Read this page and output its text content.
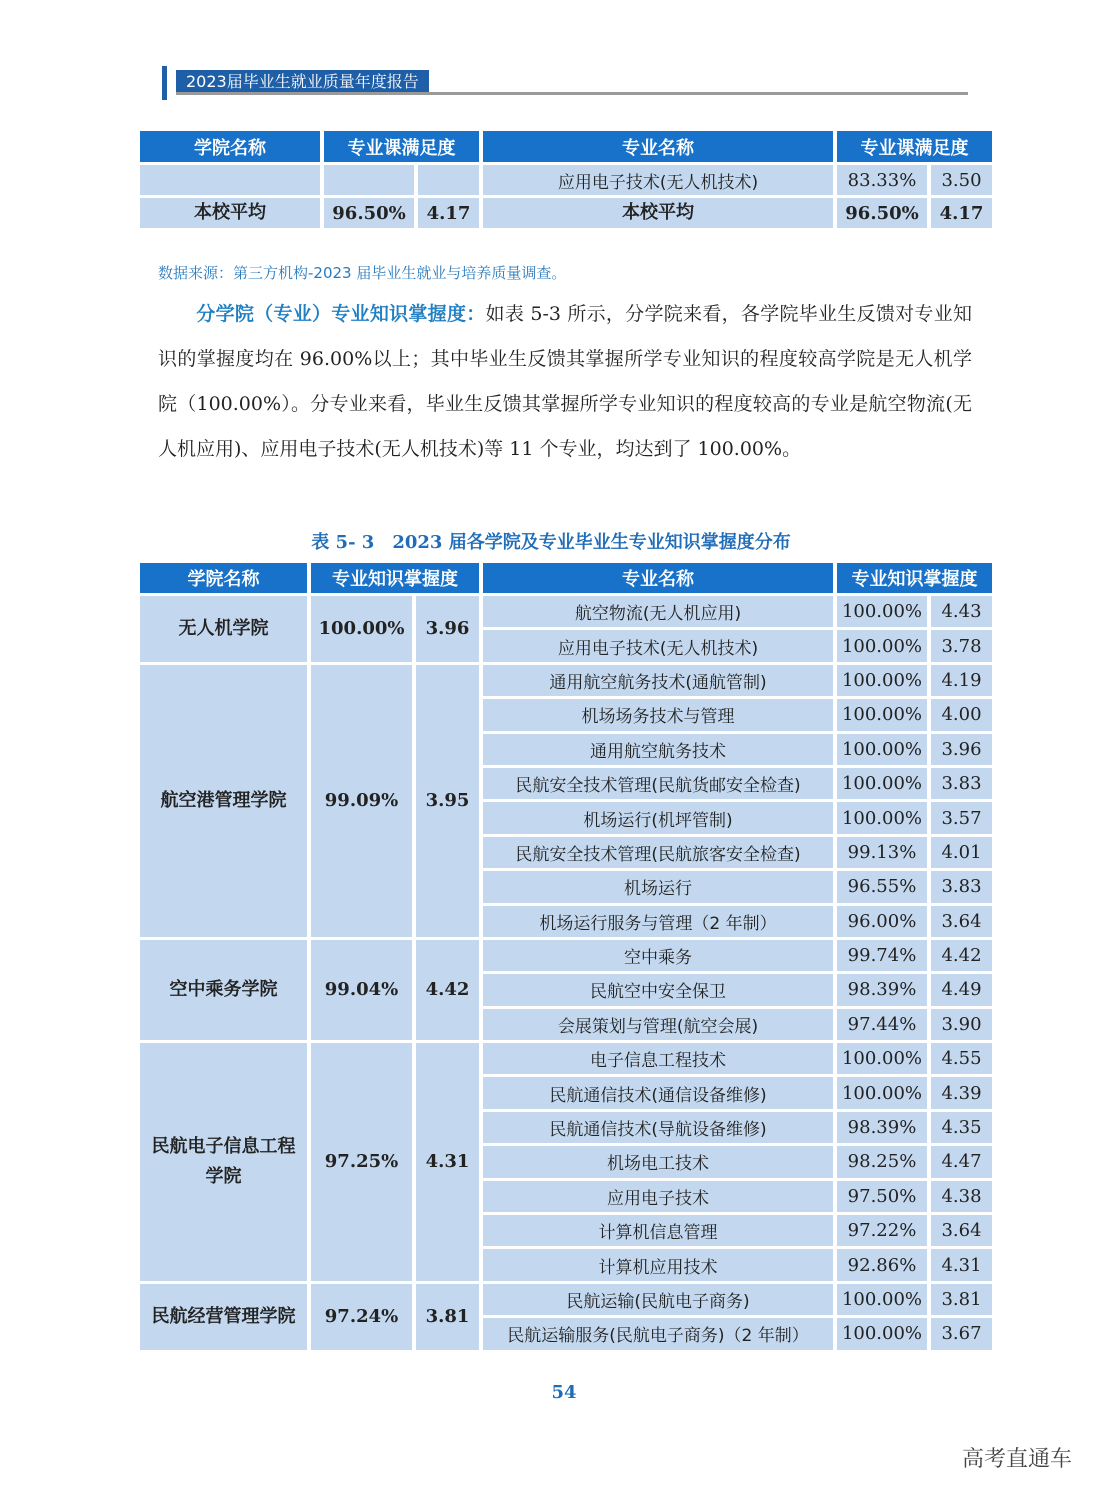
2023届毕业生就业质量年度报告
学院名称	专业课满足度		专业名称	专业课满足度	
			应用电子技术(无人机技术)	83.33%	3.50
本校平均	96.50%	4.17	本校平均	96.50%	4.17
数据来源：第三方机构-2023 届毕业生就业与培养质量调查。
分学院（专业）专业知识掌握度：如表 5-3 所示，分学院来看，各学院毕业生反馈对专业知识的掌握度均在 96.00%以上；其中毕业生反馈其掌握所学专业知识的程度较高学院是无人机学院（100.00%）。分专业来看，毕业生反馈其掌握所学专业知识的程度较高的专业是航空物流(无人机应用)、应用电子技术(无人机技术)等 11 个专业，均达到了 100.00%。
表 5- 3　2023 届各学院及专业毕业生专业知识掌握度分布
学院名称	专业知识掌握度		专业名称	专业知识掌握度	
无人机学院	100.00%	3.96	航空物流(无人机应用)	100.00%	4.43
			应用电子技术(无人机技术)	100.00%	3.78
航空港管理学院	99.09%	3.95	通用航空航务技术(通航管制)	100.00%	4.19
			机场场务技术与管理	100.00%	4.00
			通用航空航务技术	100.00%	3.96
			民航安全技术管理(民航货邮安全检查)	100.00%	3.83
			机场运行(机坪管制)	100.00%	3.57
			民航安全技术管理(民航旅客安全检查)	99.13%	4.01
			机场运行	96.55%	3.83
			机场运行服务与管理（2 年制）	96.00%	3.64
空中乘务学院	99.04%	4.42	空中乘务	99.74%	4.42
			民航空中安全保卫	98.39%	4.49
			会展策划与管理(航空会展)	97.44%	3.90
民航电子信息工程学院	97.25%	4.31	电子信息工程技术	100.00%	4.55
			民航通信技术(通信设备维修)	100.00%	4.39
			民航通信技术(导航设备维修)	98.39%	4.35
			机场电工技术	98.25%	4.47
			应用电子技术	97.50%	4.38
			计算机信息管理	97.22%	3.64
			计算机应用技术	92.86%	4.31
民航经营管理学院	97.24%	3.81	民航运输(民航电子商务)	100.00%	3.81
			民航运输服务(民航电子商务)（2 年制）	100.00%	3.67
54
高考直通车
